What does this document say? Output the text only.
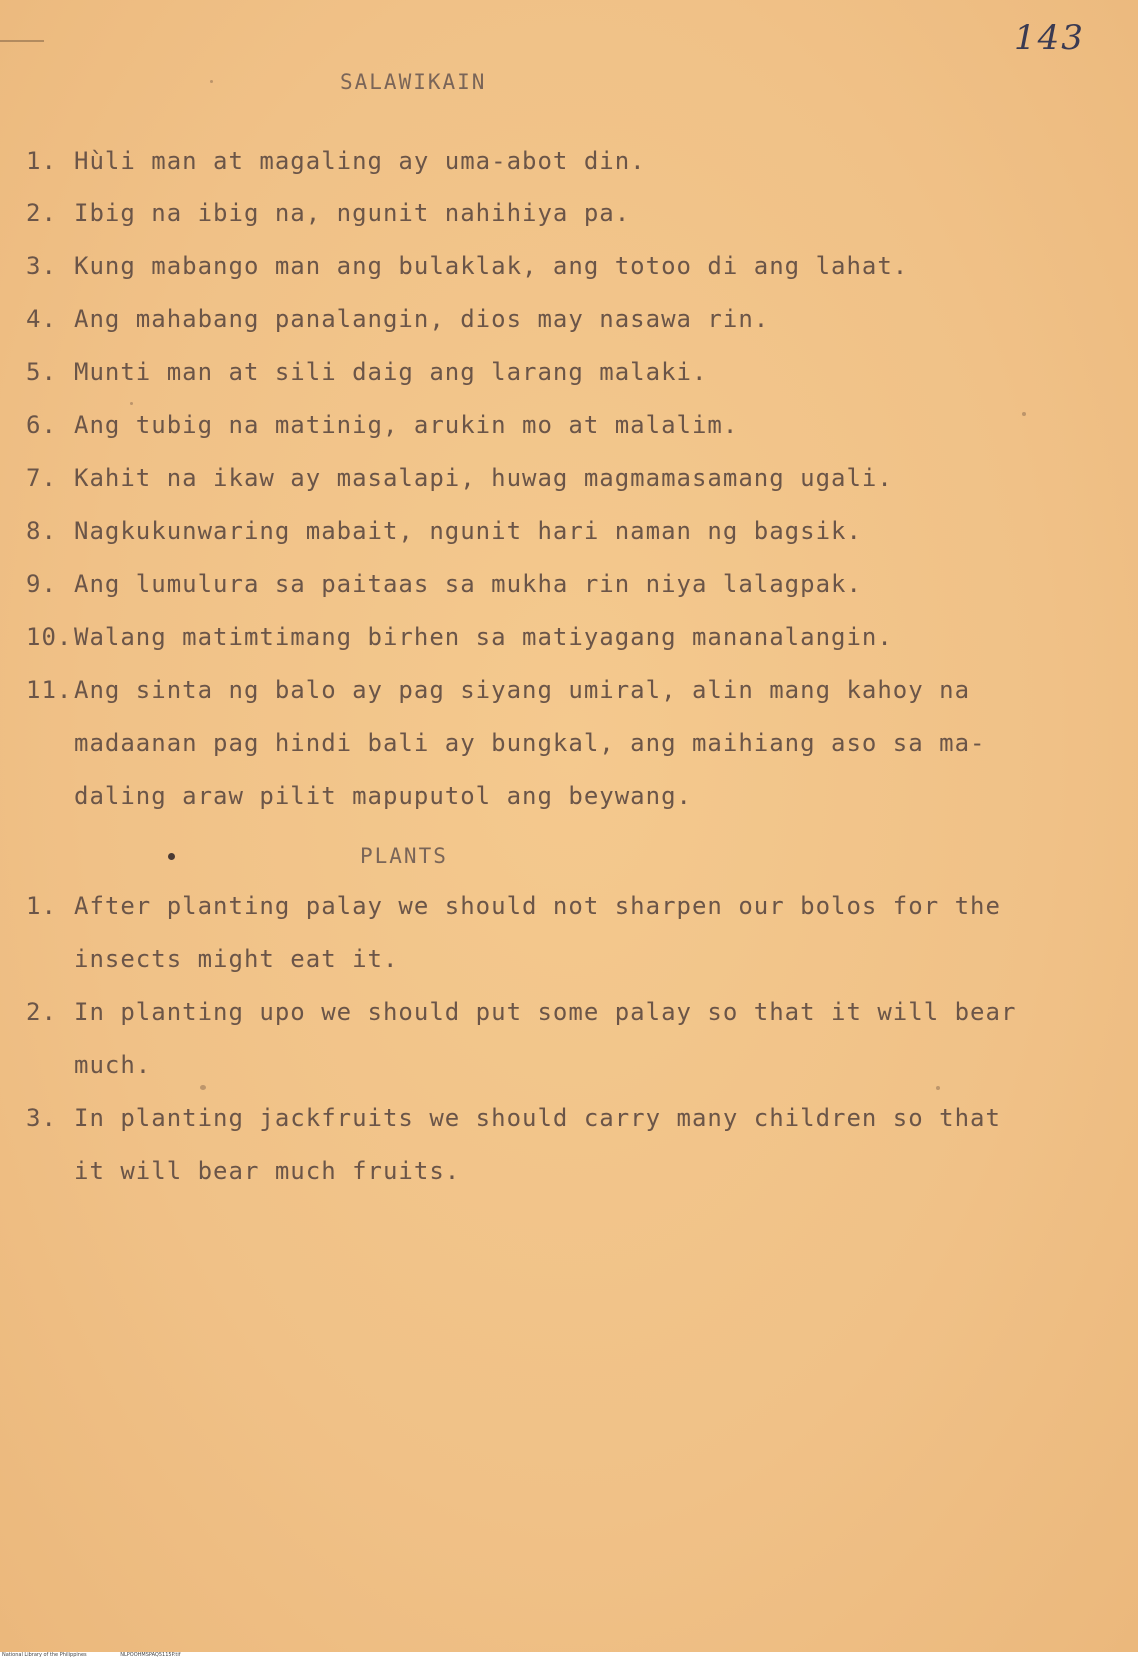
143
SALAWIKAIN
1. Hùli man at magaling ay uma-abot din.
2. Ibig na ibig na, ngunit nahihiya pa.
3. Kung mabango man ang bulaklak, ang totoo di ang lahat.
4. Ang mahabang panalangin, dios may nasawa rin.
5. Munti man at sili daig ang larang malaki.
6. Ang tubig na matinig, arukin mo at malalim.
7. Kahit na ikaw ay masalapi, huwag magmamasamang ugali.
8. Nagkukunwaring mabait, ngunit hari naman ng bagsik.
9. Ang lumulura sa paitaas sa mukha rin niya lalagpak.
10. Walang matimtimang birhen sa matiyagang mananalangin.
11. Ang sinta ng balo ay pag siyang umiral, alin mang kahoy na
madaanan pag hindi bali ay bungkal, ang maihiang aso sa ma-
daling araw pilit mapuputol ang beywang.
PLANTS
1. After planting palay we should not sharpen our bolos for the
insects might eat it.
2. In planting upo we should put some palay so that it will bear
much.
3. In planting jackfruits we should carry many children so that
it will bear much fruits.
National Library of the Philippines	NLPOOHMSPAQ5115P.tif
